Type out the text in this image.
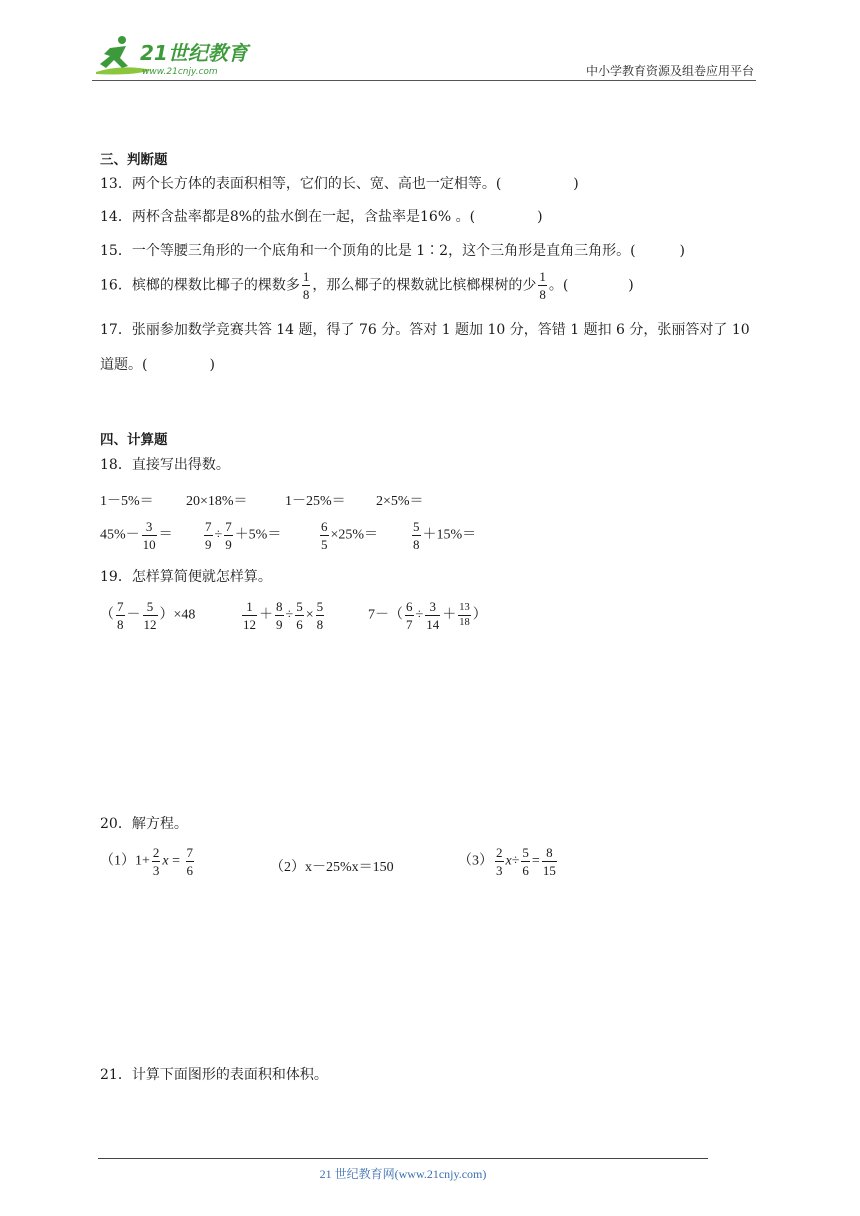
21世纪教育
www.21cnjy.com	中小学教育资源及组卷应用平台
三、判断题
13．两个长方体的表面积相等，它们的长、宽、高也一定相等。(	)
14．两杯含盐率都是8%的盐水倒在一起，含盐率是16% 。(	)
15．一个等腰三角形的一个底角和一个顶角的比是 1∶2，这个三角形是直角三角形。(	)
16．槟榔的棵数比椰子的棵数多 $\frac{1}{8}$ ，那么椰子的棵数就比槟榔棵树的少 $\frac{1}{8}$ 。(	)
17．张丽参加数学竞赛共答 14 题，得了 76 分。答对 1 题加 10 分，答错 1 题扣 6 分，张丽答对了 10
道题。(	)
四、计算题
18．直接写出得数。
1－5%＝ 20×18%＝	1－25%＝ 2×5%＝
$45\%- \frac{3}{10} = \frac{7}{9} \div \frac{7}{9} +5\%=$	$\frac{6}{5} \times 25\%=$	$\frac{5}{8} +15\%=$
19．怎样算简便就怎样算。
（ $\frac{7}{8} - \frac{5}{12} )\times 48$	$\frac{1}{12} + \frac{8}{9} \div \frac{5}{6} \times \frac{5}{8}$	$7-( \frac{6}{7} \div \frac{3}{14} + \frac{13}{18}$ ）
20．解方程。
$(1)1+ \frac{2}{3}$ $x = \frac{7}{6}$	（2）x－25%x＝150	$(3) \frac{2}{3} x\div \frac{5}{6} = \frac{8}{15}$
21．计算下面图形的表面积和体积。
21 世纪教育网(www.21cnjy.com)
